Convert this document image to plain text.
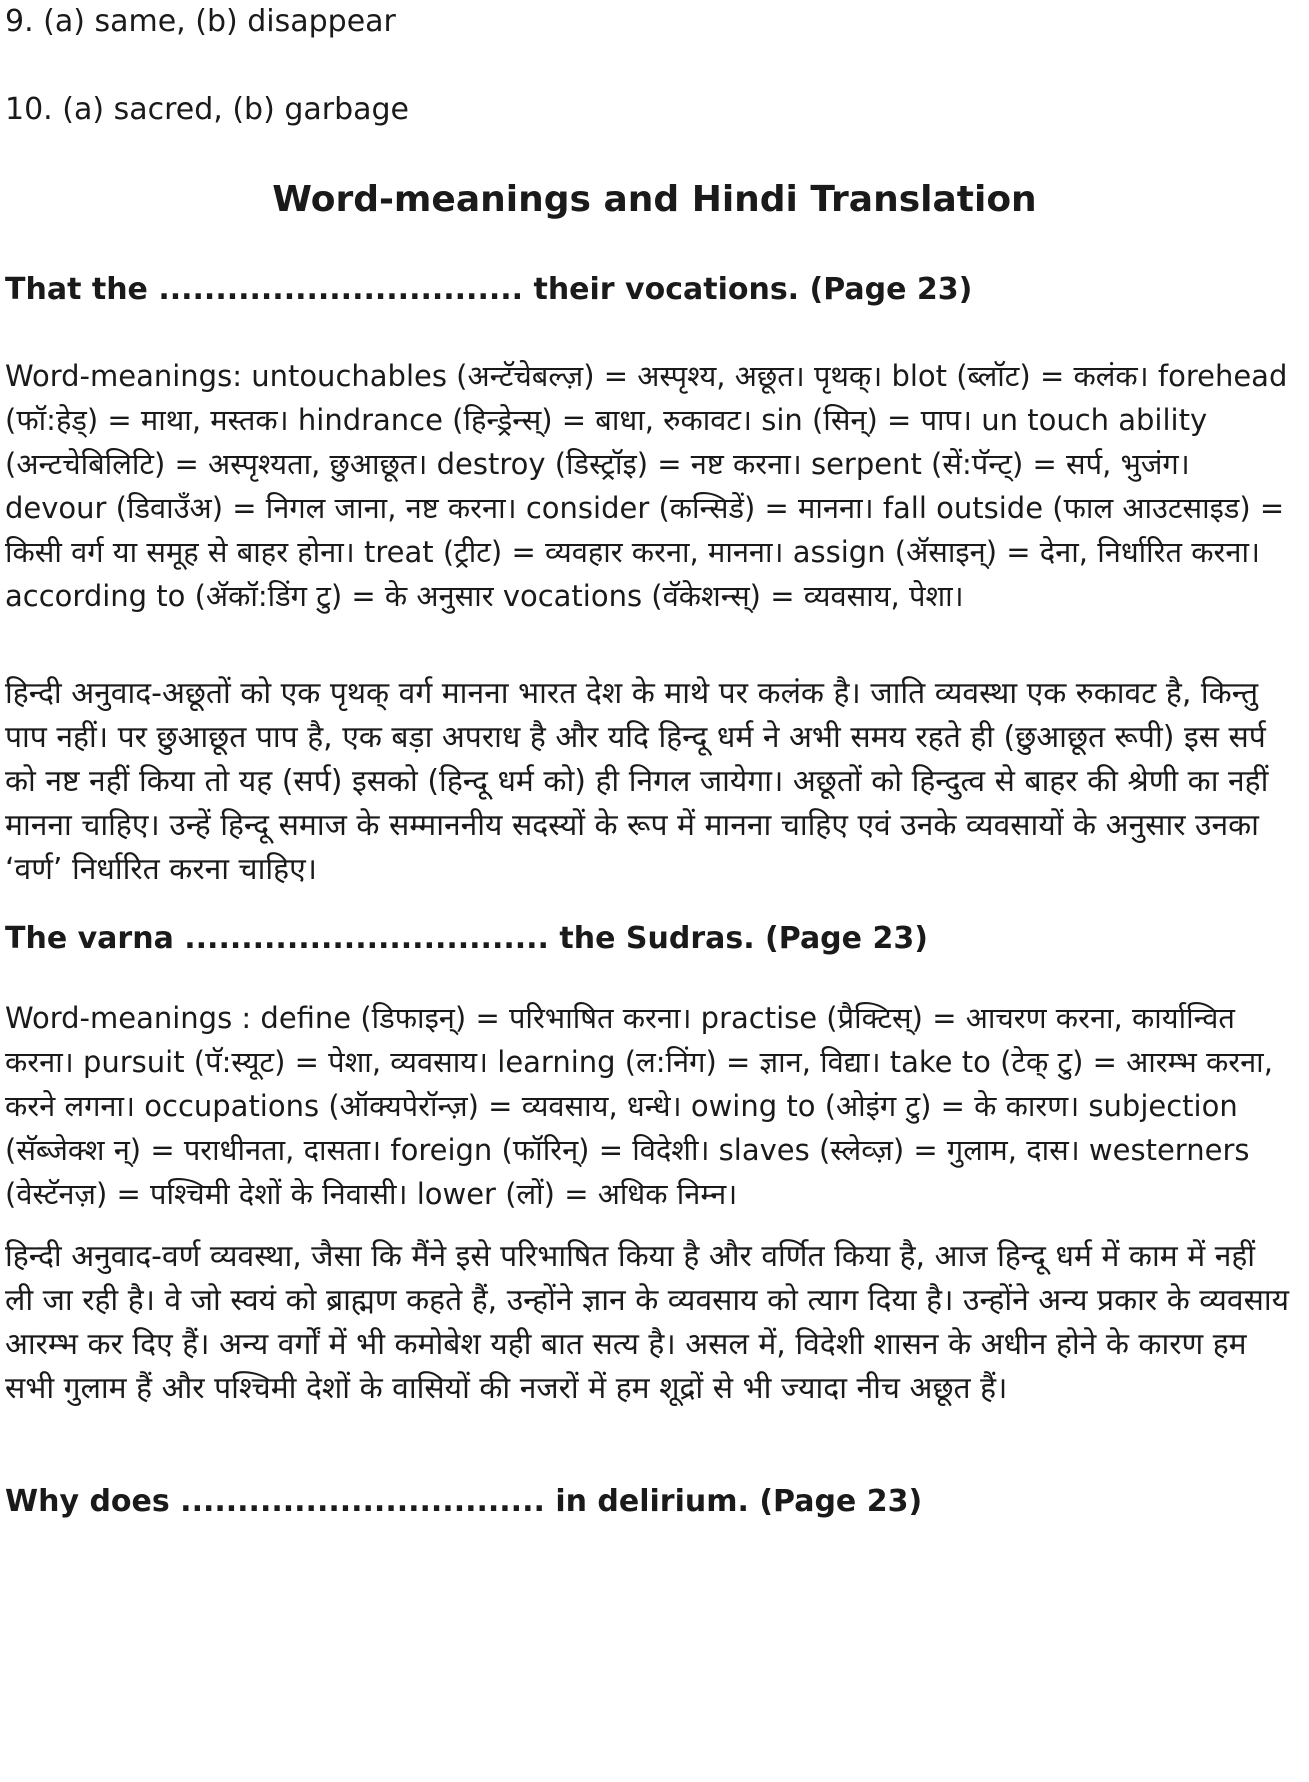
9. (a) same, (b) disappear

10. (a) sacred, (b) garbage

Word-meanings and Hindi Translation
That the ................................ their vocations. (Page 23)

Word-meanings: untouchables (अन्टॅचेबल्ज़) = अस्पृश्य, अछूत। पृथक्। blot (ब्लॉट) = कलंक। forehead (फॉ:हेड्) = माथा, मस्तक। hindrance (हिन्ड्रेन्स्) = बाधा, रुकावट। sin (सिन्) = पाप। un touch ability (अन्टचेबिलिटि) = अस्पृश्यता, छुआछूत। destroy (डिस्ट्रॉइ) = नष्ट करना। serpent (सें:पॅन्ट्) = सर्प, भुजंग। devour (डिवाउँअ) = निगल जाना, नष्ट करना। consider (कन्सिडें) = मानना। fall outside (फाल आउटसाइड) = किसी वर्ग या समूह से बाहर होना। treat (ट्रीट) = व्यवहार करना, मानना। assign (ॲसाइन्) = देना, निर्धारित करना। according to (ॲकॉ:डिंग टु) = के अनुसार vocations (वॅकेशन्स्) = व्यवसाय, पेशा।

हिन्दी अनुवाद-अछूतों को एक पृथक् वर्ग मानना भारत देश के माथे पर कलंक है। जाति व्यवस्था एक रुकावट है, किन्तु पाप नहीं। पर छुआछूत पाप है, एक बड़ा अपराध है और यदि हिन्दू धर्म ने अभी समय रहते ही (छुआछूत रूपी) इस सर्प को नष्ट नहीं किया तो यह (सर्प) इसको (हिन्दू धर्म को) ही निगल जायेगा। अछूतों को हिन्दुत्व से बाहर की श्रेणी का नहीं मानना चाहिए। उन्हें हिन्दू समाज के सम्माननीय सदस्यों के रूप में मानना चाहिए एवं उनके व्यवसायों के अनुसार उनका ‘वर्ण’ निर्धारित करना चाहिए।

The varna ................................ the Sudras. (Page 23)

Word-meanings : define (डिफाइन्) = परिभाषित करना। practise (प्रैक्टिस्) = आचरण करना, कार्यान्वित करना। pursuit (पॅ:स्यूट) = पेशा, व्यवसाय। learning (ल:निंग) = ज्ञान, विद्या। take to (टेक् टु) = आरम्भ करना, करने लगना। occupations (ऑक्यपेरॉन्ज़) = व्यवसाय, धन्धे। owing to (ओइंग टु) = के कारण। subjection (सॅब्जेक्श न्) = पराधीनता, दासता। foreign (फॉरिन्) = विदेशी। slaves (स्लेव्ज़) = गुलाम, दास। westerners (वेस्टॅनज़) = पश्चिमी देशों के निवासी। lower (लों) = अधिक निम्न।

हिन्दी अनुवाद-वर्ण व्यवस्था, जैसा कि मैंने इसे परिभाषित किया है और वर्णित किया है, आज हिन्दू धर्म में काम में नहीं ली जा रही है। वे जो स्वयं को ब्राह्मण कहते हैं, उन्होंने ज्ञान के व्यवसाय को त्याग दिया है। उन्होंने अन्य प्रकार के व्यवसाय आरम्भ कर दिए हैं। अन्य वर्गों में भी कमोबेश यही बात सत्य है। असल में, विदेशी शासन के अधीन होने के कारण हम सभी गुलाम हैं और पश्चिमी देशों के वासियों की नजरों में हम शूद्रों से भी ज्यादा नीच अछूत हैं।

Why does ................................ in delirium. (Page 23)
